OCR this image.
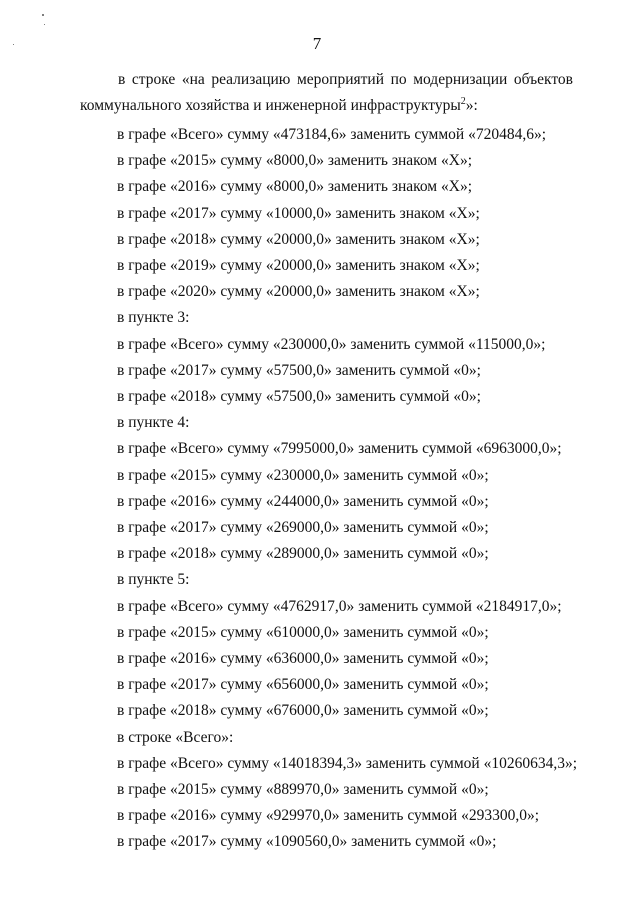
7
в строке «на реализацию мероприятий по модернизации объектов
коммунального хозяйства и инженерной инфраструктуры$^2$»:
в графе «Всего» сумму «473184,6» заменить суммой «720484,6»;
в графе «2015» сумму «8000,0» заменить знаком «Х»;
в графе «2016» сумму «8000,0» заменить знаком «Х»;
в графе «2017» сумму «10000,0» заменить знаком «Х»;
в графе «2018» сумму «20000,0» заменить знаком «Х»;
в графе «2019» сумму «20000,0» заменить знаком «Х»;
в графе «2020» сумму «20000,0» заменить знаком «Х»;
в пункте 3:
в графе «Всего» сумму «230000,0» заменить суммой «115000,0»;
в графе «2017» сумму «57500,0» заменить суммой «0»;
в графе «2018» сумму «57500,0» заменить суммой «0»;
в пункте 4:
в графе «Всего» сумму «7995000,0» заменить суммой «6963000,0»;
в графе «2015» сумму «230000,0» заменить суммой «0»;
в графе «2016» сумму «244000,0» заменить суммой «0»;
в графе «2017» сумму «269000,0» заменить суммой «0»;
в графе «2018» сумму «289000,0» заменить суммой «0»;
в пункте 5:
в графе «Всего» сумму «4762917,0» заменить суммой «2184917,0»;
в графе «2015» сумму «610000,0» заменить суммой «0»;
в графе «2016» сумму «636000,0» заменить суммой «0»;
в графе «2017» сумму «656000,0» заменить суммой «0»;
в графе «2018» сумму «676000,0» заменить суммой «0»;
в строке «Всего»:
в графе «Всего» сумму «14018394,3» заменить суммой «10260634,3»;
в графе «2015» сумму «889970,0» заменить суммой «0»;
в графе «2016» сумму «929970,0» заменить суммой «293300,0»;
в графе «2017» сумму «1090560,0» заменить суммой «0»;
